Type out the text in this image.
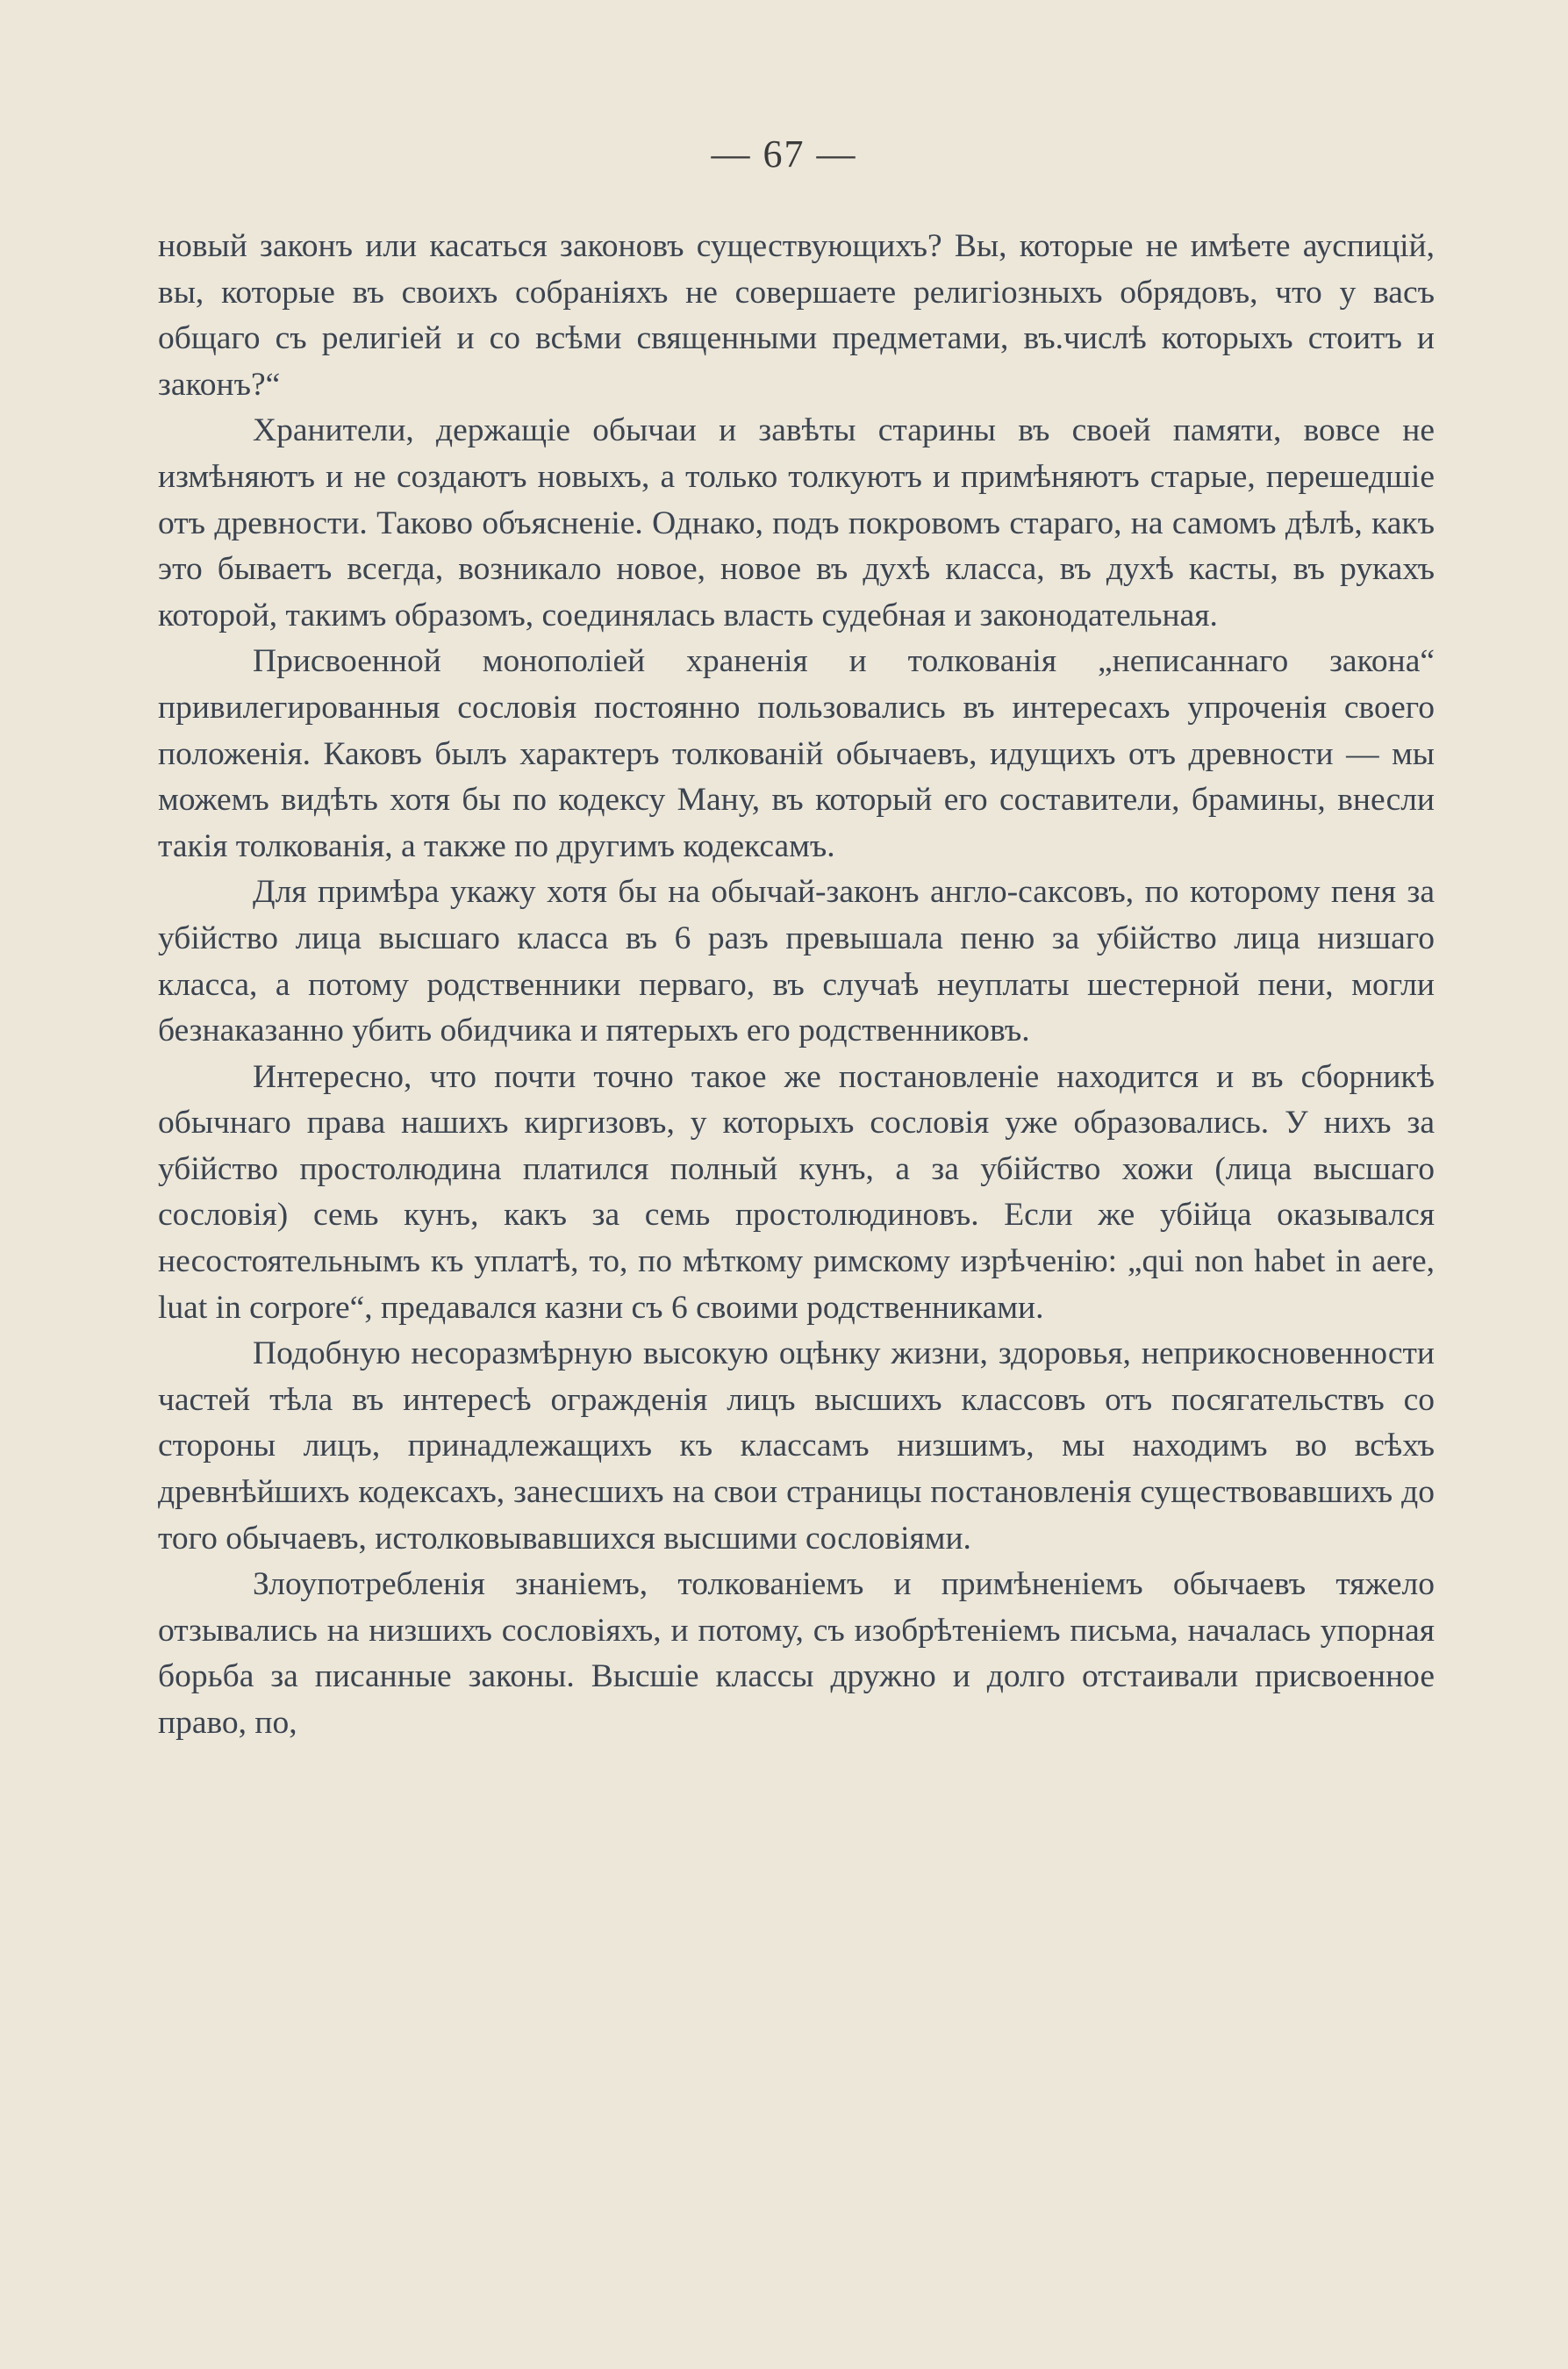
— 67 —

новый законъ или касаться законовъ существующихъ? Вы, которые не имѣете ауспицій, вы, которые въ своихъ собраніяхъ не совершаете религіозныхъ обрядовъ, что у васъ общаго съ религіей и со всѣми священными предметами, въ.числѣ которыхъ стоитъ и законъ?“

Хранители, держащіе обычаи и завѣты старины въ своей памяти, вовсе не измѣняютъ и не создаютъ новыхъ, а только толкуютъ и примѣняютъ старые, перешедшіе отъ древности. Таково объясненіе. Однако, подъ покровомъ стараго, на самомъ дѣлѣ, какъ это бываетъ всегда, возникало новое, новое въ духѣ класса, въ духѣ касты, въ рукахъ которой, такимъ образомъ, соединялась власть судебная и законодательная.

Присвоенной монополіей храненія и толкованія „неписаннаго закона“ привилегированныя сословія постоянно пользовались въ интересахъ упроченія своего положенія. Каковъ былъ характеръ толкованій обычаевъ, идущихъ отъ древности — мы можемъ видѣть хотя бы по кодексу Ману, въ который его составители, брамины, внесли такія толкованія, а также по другимъ кодексамъ.

Для примѣра укажу хотя бы на обычай-законъ англо-саксовъ, по которому пеня за убійство лица высшаго класса въ 6 разъ превышала пеню за убійство лица низшаго класса, а потому родственники перваго, въ случаѣ неуплаты шестерной пени, могли безнаказанно убить обидчика и пятерыхъ его родственниковъ.

Интересно, что почти точно такое же постановленіе находится и въ сборникѣ обычнаго права нашихъ киргизовъ, у которыхъ сословія уже образовались. У нихъ за убійство простолюдина платился полный кунъ, а за убійство хожи (лица высшаго сословія) семь кунъ, какъ за семь простолюдиновъ. Если же убійца оказывался несостоятельнымъ къ уплатѣ, то, по мѣткому римскому изрѣченію: „qui non habet in aere, luat in corpore“, предавался казни съ 6 своими родственниками.

Подобную несоразмѣрную высокую оцѣнку жизни, здоровья, неприкосновенности частей тѣла въ интересѣ огражденія лицъ высшихъ классовъ отъ посягательствъ со стороны лицъ, принадлежащихъ къ классамъ низшимъ, мы находимъ во всѣхъ древнѣйшихъ кодексахъ, занесшихъ на свои страницы постановленія существовавшихъ до того обычаевъ, истолковывавшихся высшими сословіями.

Злоупотребленія знаніемъ, толкованіемъ и примѣненіемъ обычаевъ тяжело отзывались на низшихъ сословіяхъ, и потому, съ изобрѣтеніемъ письма, началась упорная борьба за писанные законы. Высшіе классы дружно и долго отстаивали присвоенное право, по,
